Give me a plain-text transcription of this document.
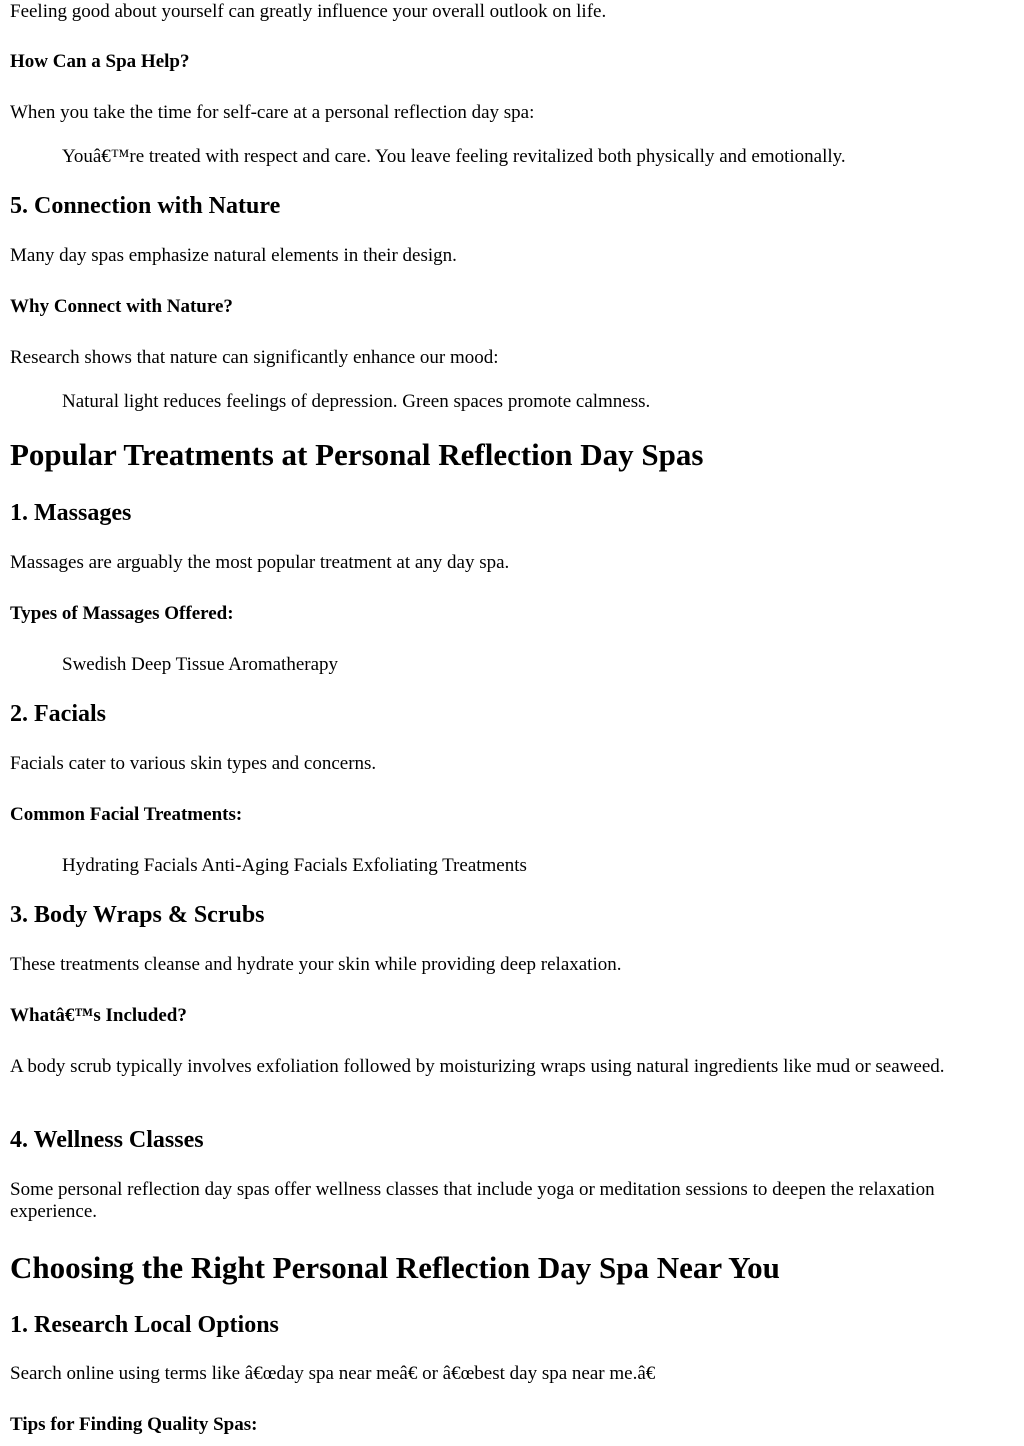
Feeling good about yourself can greatly influence your overall outlook on life.

How Can a Spa Help?

When you take the time for self-care at a personal reflection day spa:

Youâ€™re treated with respect and care. You leave feeling revitalized both physically and emotionally.
5. Connection with Nature

Many day spas emphasize natural elements in their design.

Why Connect with Nature?

Research shows that nature can significantly enhance our mood:

Natural light reduces feelings of depression. Green spaces promote calmness.
Popular Treatments at Personal Reflection Day Spas
1. Massages

Massages are arguably the most popular treatment at any day spa.

Types of Massages Offered:
Swedish Deep Tissue Aromatherapy
2. Facials

Facials cater to various skin types and concerns.

Common Facial Treatments:
Hydrating Facials Anti-Aging Facials Exfoliating Treatments
3. Body Wraps & Scrubs

These treatments cleanse and hydrate your skin while providing deep relaxation.

Whatâ€™s Included?

A body scrub typically involves exfoliation followed by moisturizing wraps using natural ingredients like mud or seaweed.

4. Wellness Classes

Some personal reflection day spas offer wellness classes that include yoga or meditation sessions to deepen the relaxation experience.

Choosing the Right Personal Reflection Day Spa Near You
1. Research Local Options

Search online using terms like â€œday spa near meâ€ or â€œbest day spa near me.â€

Tips for Finding Quality Spas:
